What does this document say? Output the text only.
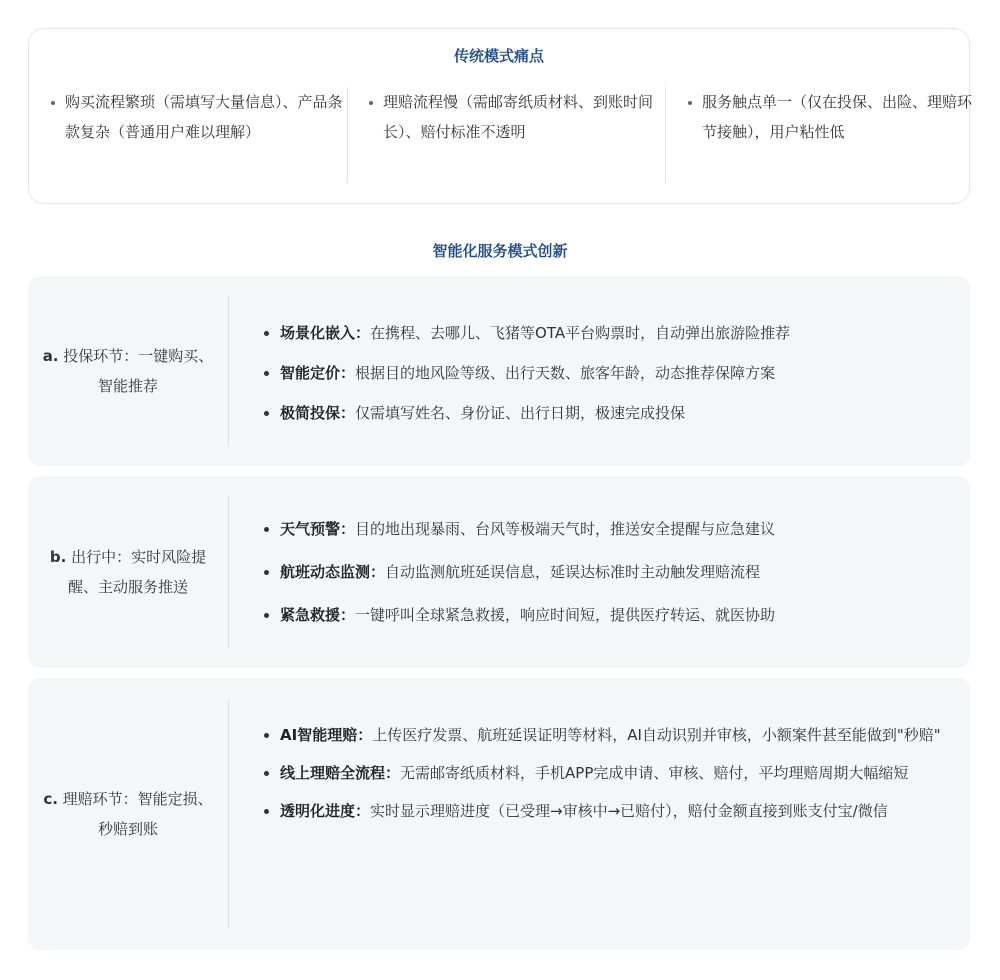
传统模式痛点
购买流程繁琐（需填写大量信息）、产品条款复杂（普通用户难以理解）
理赔流程慢（需邮寄纸质材料、到账时间长）、赔付标准不透明
服务触点单一（仅在投保、出险、理赔环节接触），用户粘性低
智能化服务模式创新
a. 投保环节：一键购买、智能推荐
场景化嵌入：在携程、去哪儿、飞猪等OTA平台购票时，自动弹出旅游险推荐
智能定价：根据目的地风险等级、出行天数、旅客年龄，动态推荐保障方案
极简投保：仅需填写姓名、身份证、出行日期，极速完成投保
b. 出行中：实时风险提醒、主动服务推送
天气预警：目的地出现暴雨、台风等极端天气时，推送安全提醒与应急建议
航班动态监测：自动监测航班延误信息，延误达标准时主动触发理赔流程
紧急救援：一键呼叫全球紧急救援，响应时间短，提供医疗转运、就医协助
c. 理赔环节：智能定损、秒赔到账
AI智能理赔：上传医疗发票、航班延误证明等材料，AI自动识别并审核，小额案件甚至能做到"秒赔"
线上理赔全流程：无需邮寄纸质材料，手机APP完成申请、审核、赔付，平均理赔周期大幅缩短
透明化进度：实时显示理赔进度（已受理→审核中→已赔付），赔付金额直接到账支付宝/微信
